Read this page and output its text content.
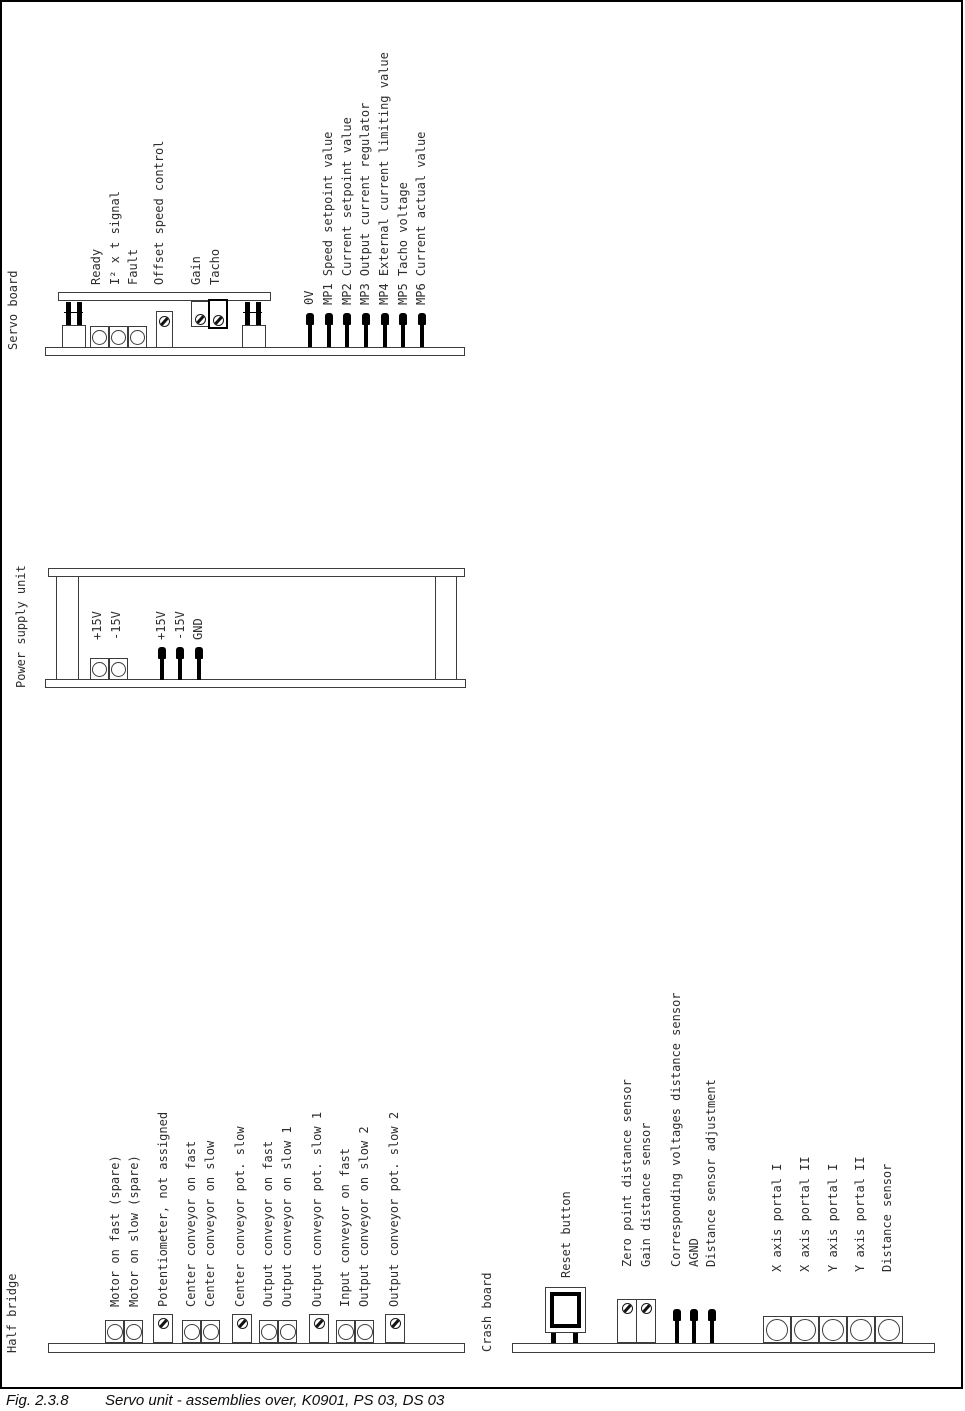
Servo board
Ready I² x t signal Fault Offset speed control Gain Tacho
0V MP1 Speed setpoint value MP2 Current setpoint value MP3 Output current regulator MP4 External current limiting value MP5 Tacho voltage MP6 Current actual value
Power supply unit	+15V -15V	+15V -15V GND
Half bridge
Motor on fast (spare) Motor on slow (spare) Potentiometer, not assigned Center conveyor on fast Center conveyor on slow Center conveyor pot. slow Output conveyor on fast Output conveyor on slow 1 Output conveyor pot. slow 1 Input conveyor on fast Output conveyor on slow 2 Output conveyor pot. slow 2
Crash board
Reset button	Zero point distance sensor Gain distance sensor Corresponding voltages distance sensor AGND Distance sensor adjustment	X axis portal I X axis portal II Y axis portal I Y axis portal II Distance sensor
Fig. 2.3.8 Servo unit - assemblies over, K0901, PS 03, DS 03
